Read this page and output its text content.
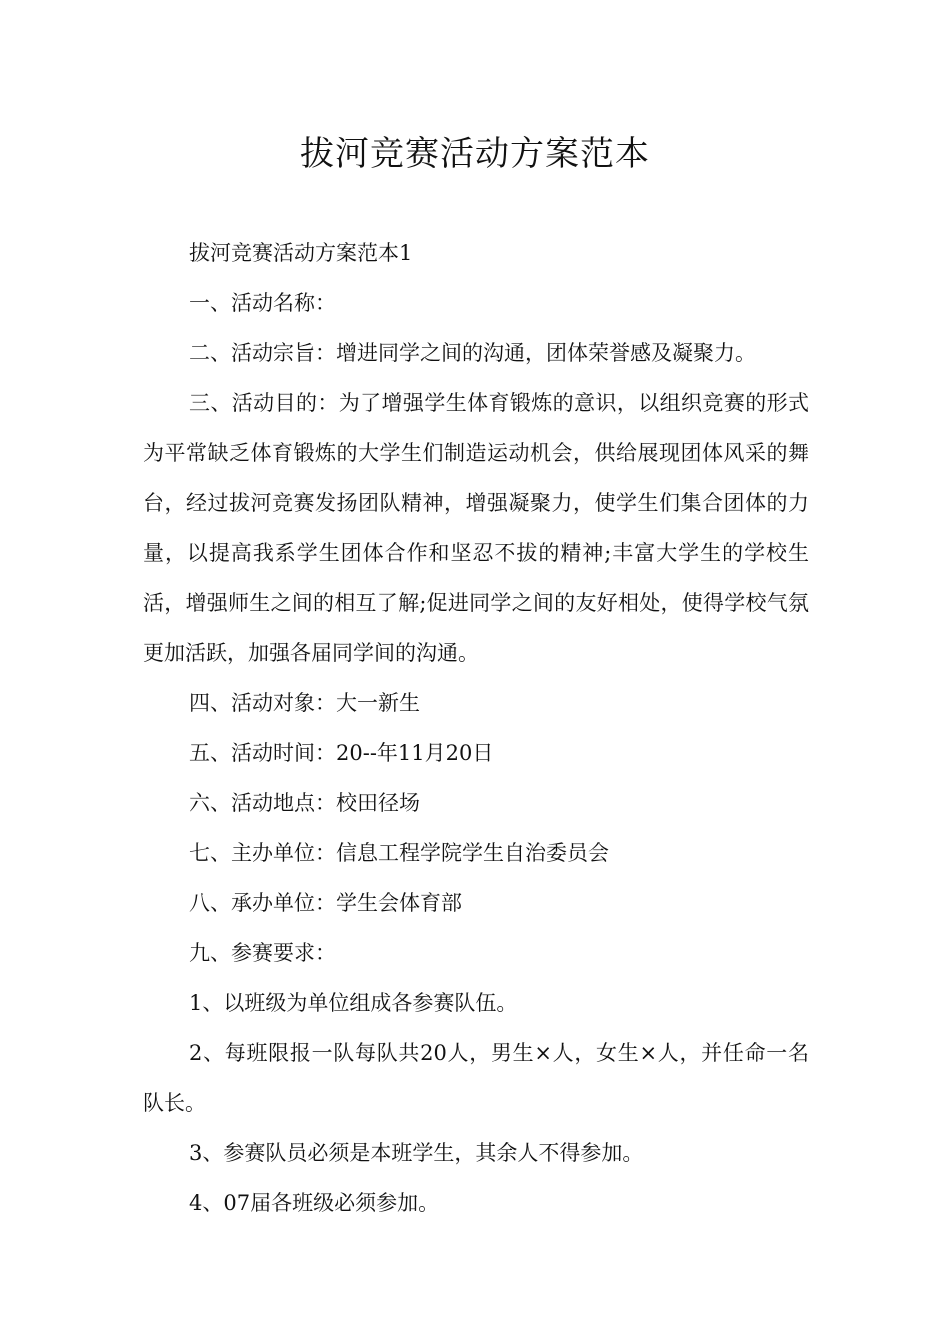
拔河竞赛活动方案范本

拔河竞赛活动方案范本1

一、活动名称：

二、活动宗旨：增进同学之间的沟通，团体荣誉感及凝聚力。

三、活动目的：为了增强学生体育锻炼的意识，以组织竞赛的形式为平常缺乏体育锻炼的大学生们制造运动机会，供给展现团体风采的舞台，经过拔河竞赛发扬团队精神，增强凝聚力，使学生们集合团体的力量，以提高我系学生团体合作和坚忍不拔的精神;丰富大学生的学校生活，增强师生之间的相互了解;促进同学之间的友好相处，使得学校气氛更加活跃，加强各届同学间的沟通。

四、活动对象：大一新生

五、活动时间：20--年11月20日

六、活动地点：校田径场

七、主办单位：信息工程学院学生自治委员会

八、承办单位：学生会体育部

九、参赛要求：

1、以班级为单位组成各参赛队伍。

2、每班限报一队每队共20人，男生×人，女生×人，并任命一名队长。

3、参赛队员必须是本班学生，其余人不得参加。

4、07届各班级必须参加。
